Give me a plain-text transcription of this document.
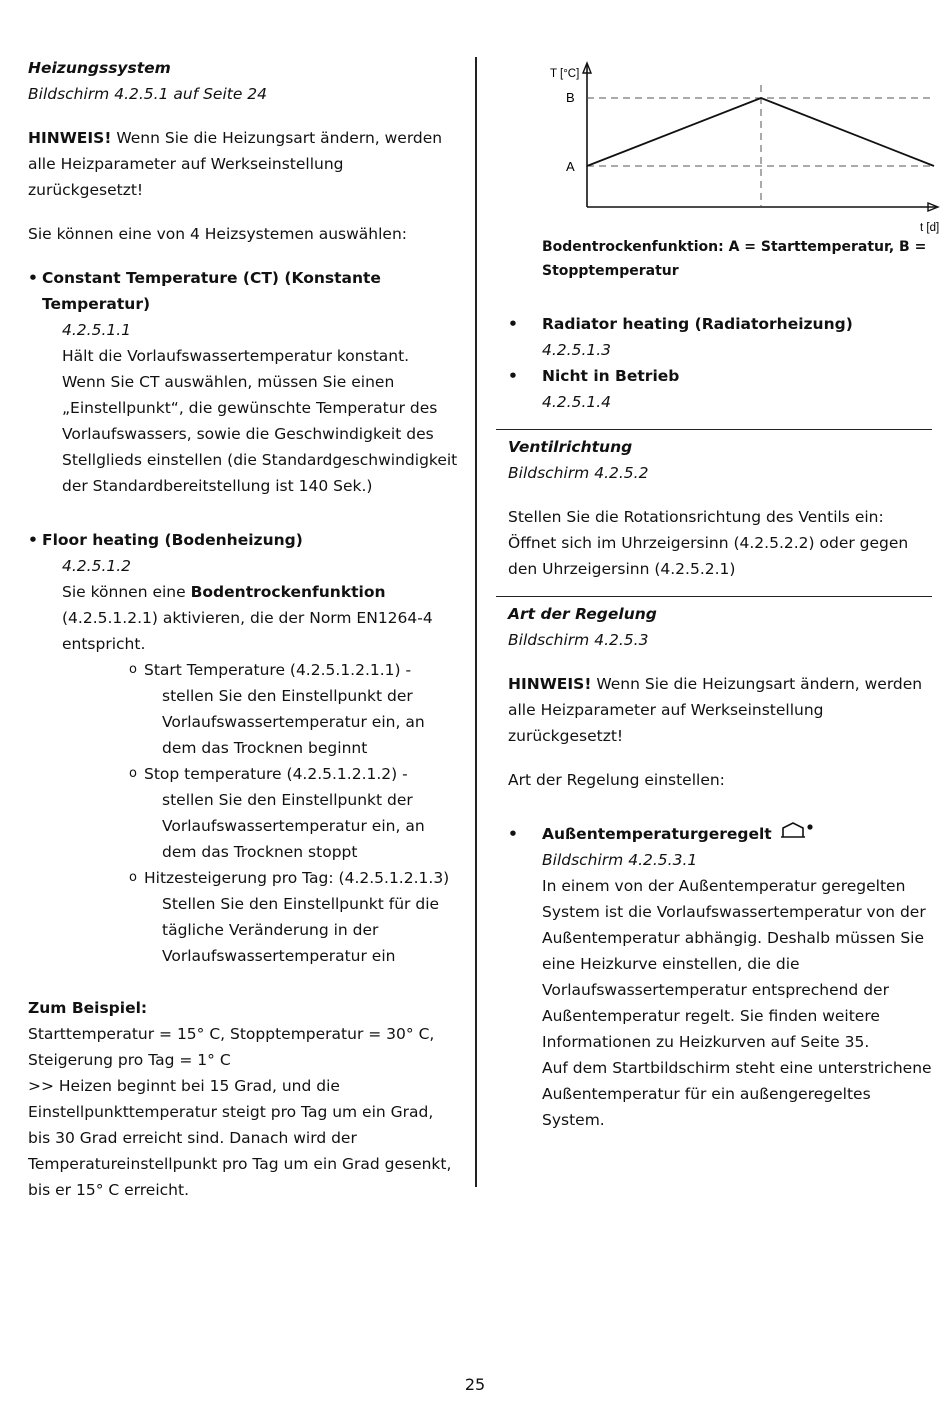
Heizungssystem

Bildschirm 4.2.5.1 auf Seite 24

HINWEIS! Wenn Sie die Heizungsart ändern, werden

alle Heizparameter auf Werkseinstellung

zurückgesetzt!

Sie können eine von 4 Heizsystemen auswählen:

• Constant Temperature (CT) (Konstante Temperatur)

4.2.5.1.1

Hält die Vorlaufswassertemperatur konstant.

Wenn Sie CT auswählen, müssen Sie einen

„Einstellpunkt“, die gewünschte Temperatur des

Vorlaufswassers, sowie die Geschwindigkeit des

Stellglieds einstellen (die Standardgeschwindigkeit

der Standardbereitstellung ist 140 Sek.)

• Floor heating (Bodenheizung)

4.2.5.1.2

Sie können eine Bodentrockenfunktion

(4.2.5.1.2.1) aktivieren, die der Norm EN1264-4

entspricht.

o Start Temperature (4.2.5.1.2.1.1) -

stellen Sie den Einstellpunkt der

Vorlaufswassertemperatur ein, an

dem das Trocknen beginnt

o Stop temperature (4.2.5.1.2.1.2) -

stellen Sie den Einstellpunkt der

Vorlaufswassertemperatur ein, an

dem das Trocknen stoppt

o Hitzesteigerung pro Tag: (4.2.5.1.2.1.3)

Stellen Sie den Einstellpunkt für die

tägliche Veränderung in der

Vorlaufswassertemperatur ein

Zum Beispiel:

Starttemperatur = 15° C, Stopptemperatur = 30° C,

Steigerung pro Tag = 1° C

>> Heizen beginnt bei 15 Grad, und die

Einstellpunkttemperatur steigt pro Tag um ein Grad,

bis 30 Grad erreicht sind. Danach wird der

Temperatureinstellpunkt pro Tag um ein Grad gesenkt,

bis er 15° C erreicht.

T [°C]
B
A
t [d]

Bodentrockenfunktion: A = Starttemperatur, B =

Stopptemperatur

• Radiator heating (Radiatorheizung)

4.2.5.1.3

• Nicht in Betrieb

4.2.5.1.4

Ventilrichtung

Bildschirm 4.2.5.2

Stellen Sie die Rotationsrichtung des Ventils ein:

Öffnet sich im Uhrzeigersinn (4.2.5.2.2) oder gegen

den Uhrzeigersinn (4.2.5.2.1)

Art der Regelung

Bildschirm 4.2.5.3

HINWEIS! Wenn Sie die Heizungsart ändern, werden

alle Heizparameter auf Werkseinstellung

zurückgesetzt!

Art der Regelung einstellen:

• Außentemperaturgeregelt

Bildschirm 4.2.5.3.1

In einem von der Außentemperatur geregelten

System ist die Vorlaufswassertemperatur von der

Außentemperatur abhängig. Deshalb müssen Sie

eine Heizkurve einstellen, die die

Vorlaufswassertemperatur entsprechend der

Außentemperatur regelt. Sie finden weitere

Informationen zu Heizkurven auf Seite 35.

Auf dem Startbildschirm steht eine unterstrichene

Außentemperatur für ein außengeregeltes

System.

25
